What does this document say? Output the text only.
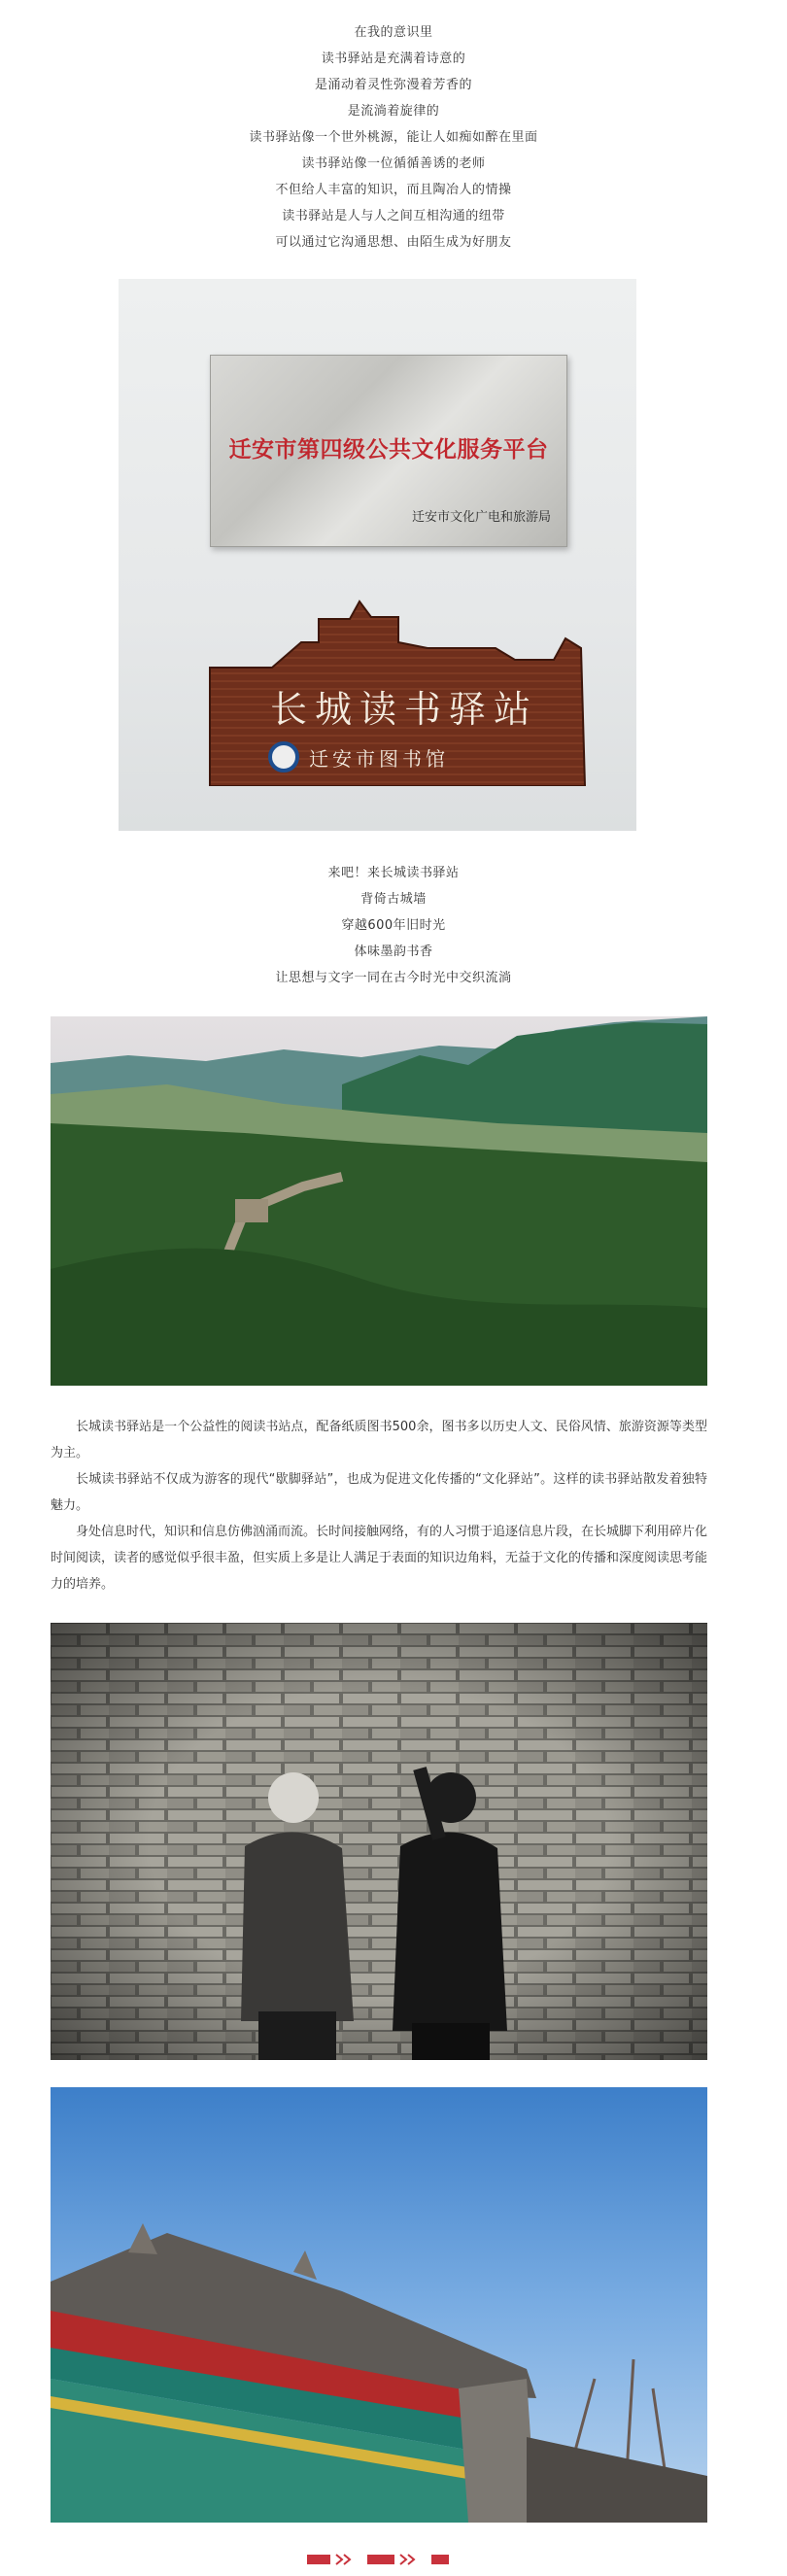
在我的意识里

读书驿站是充满着诗意的

是涌动着灵性弥漫着芳香的

是流淌着旋律的

读书驿站像一个世外桃源，能让人如痴如醉在里面

读书驿站像一位循循善诱的老师

不但给人丰富的知识，而且陶冶人的情操

读书驿站是人与人之间互相沟通的纽带

可以通过它沟通思想、由陌生成为好朋友

迁安市第四级公共文化服务平台
迁安市文化广电和旅游局
长城读书驿站
迁安市图书馆

来吧！来长城读书驿站

背倚古城墙

穿越600年旧时光

体味墨韵书香

让思想与文字一同在古今时光中交织流淌

长城读书驿站是一个公益性的阅读书站点，配备纸质图书500余，图书多以历史人文、民俗风情、旅游资源等类型为主。

长城读书驿站不仅成为游客的现代“歇脚驿站”，也成为促进文化传播的“文化驿站”。这样的读书驿站散发着独特魅力。

身处信息时代，知识和信息仿佛汹涌而流。长时间接触网络，有的人习惯于追逐信息片段，在长城脚下利用碎片化时间阅读，读者的感觉似乎很丰盈，但实质上多是让人满足于表面的知识边角料，无益于文化的传播和深度阅读思考能力的培养。
